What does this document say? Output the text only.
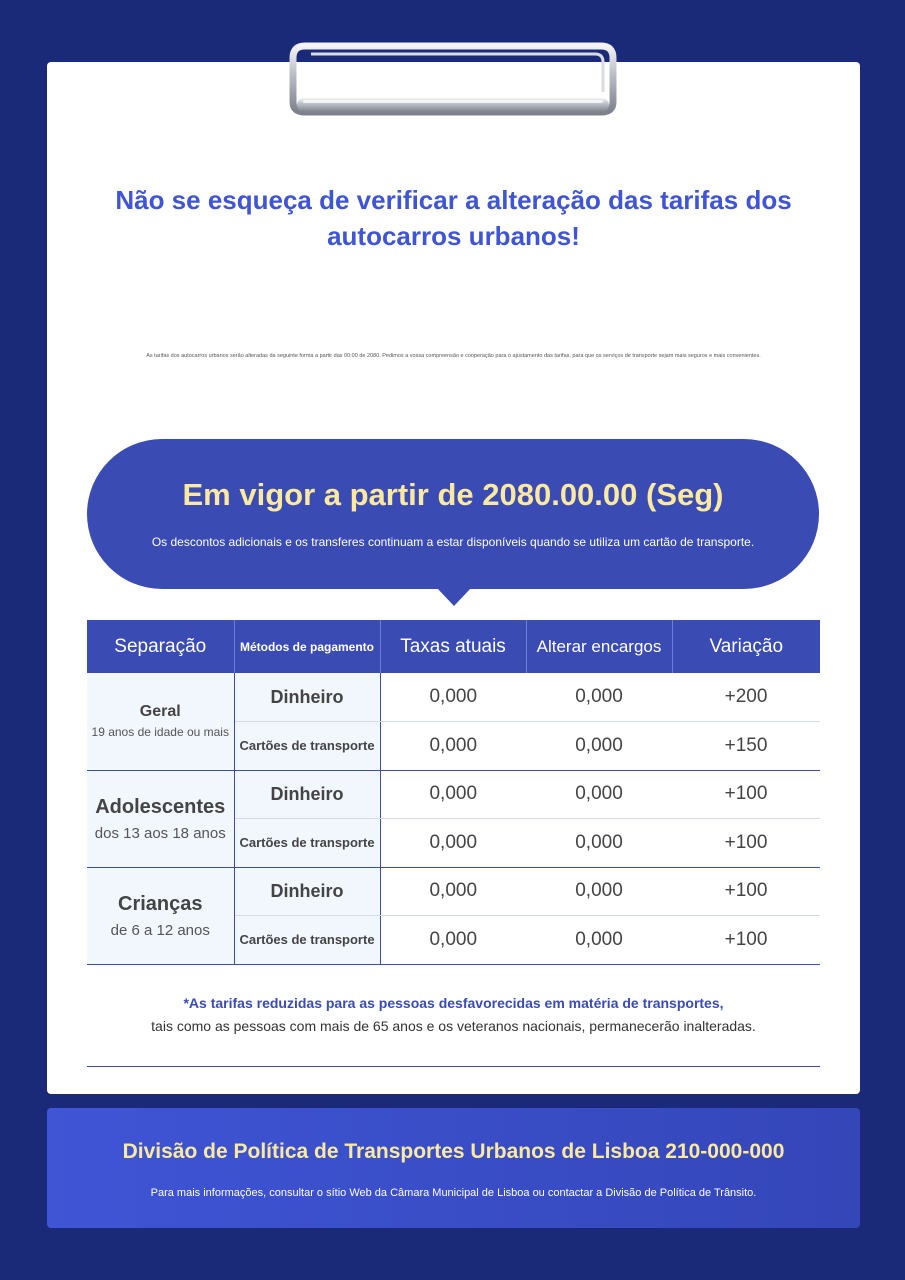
Não se esqueça de verificar a alteração das tarifas dos autocarros urbanos!
As tarifas dos autocarros urbanos serão alteradas da seguinte forma a partir das 00:00 de 2080. Pedimos a vossa compreensão e cooperação para o ajustamento das tarifas, para que os serviços de transporte sejam mais seguros e mais convenientes.
Em vigor a partir de 2080.00.00 (Seg)
Os descontos adicionais e os transferes continuam a estar disponíveis quando se utiliza um cartão de transporte.
Separação	Métodos de pagamento	Taxas atuais	Alterar encargos	Variação

Geral
19 anos de idade ou mais	Dinheiro	0,000	0,000	+200
	Cartões de transporte	0,000	0,000	+150

Adolescentes
dos 13 aos 18 anos	Dinheiro	0,000	0,000	+100
	Cartões de transporte	0,000	0,000	+100

Crianças
de 6 a 12 anos	Dinheiro	0,000	0,000	+100
	Cartões de transporte	0,000	0,000	+100
*As tarifas reduzidas para as pessoas desfavorecidas em matéria de transportes,
tais como as pessoas com mais de 65 anos e os veteranos nacionais, permanecerão inalteradas.
Divisão de Política de Transportes Urbanos de Lisboa 210-000-000
Para mais informações, consultar o sítio Web da Câmara Municipal de Lisboa ou contactar a Divisão de Política de Trânsito.
